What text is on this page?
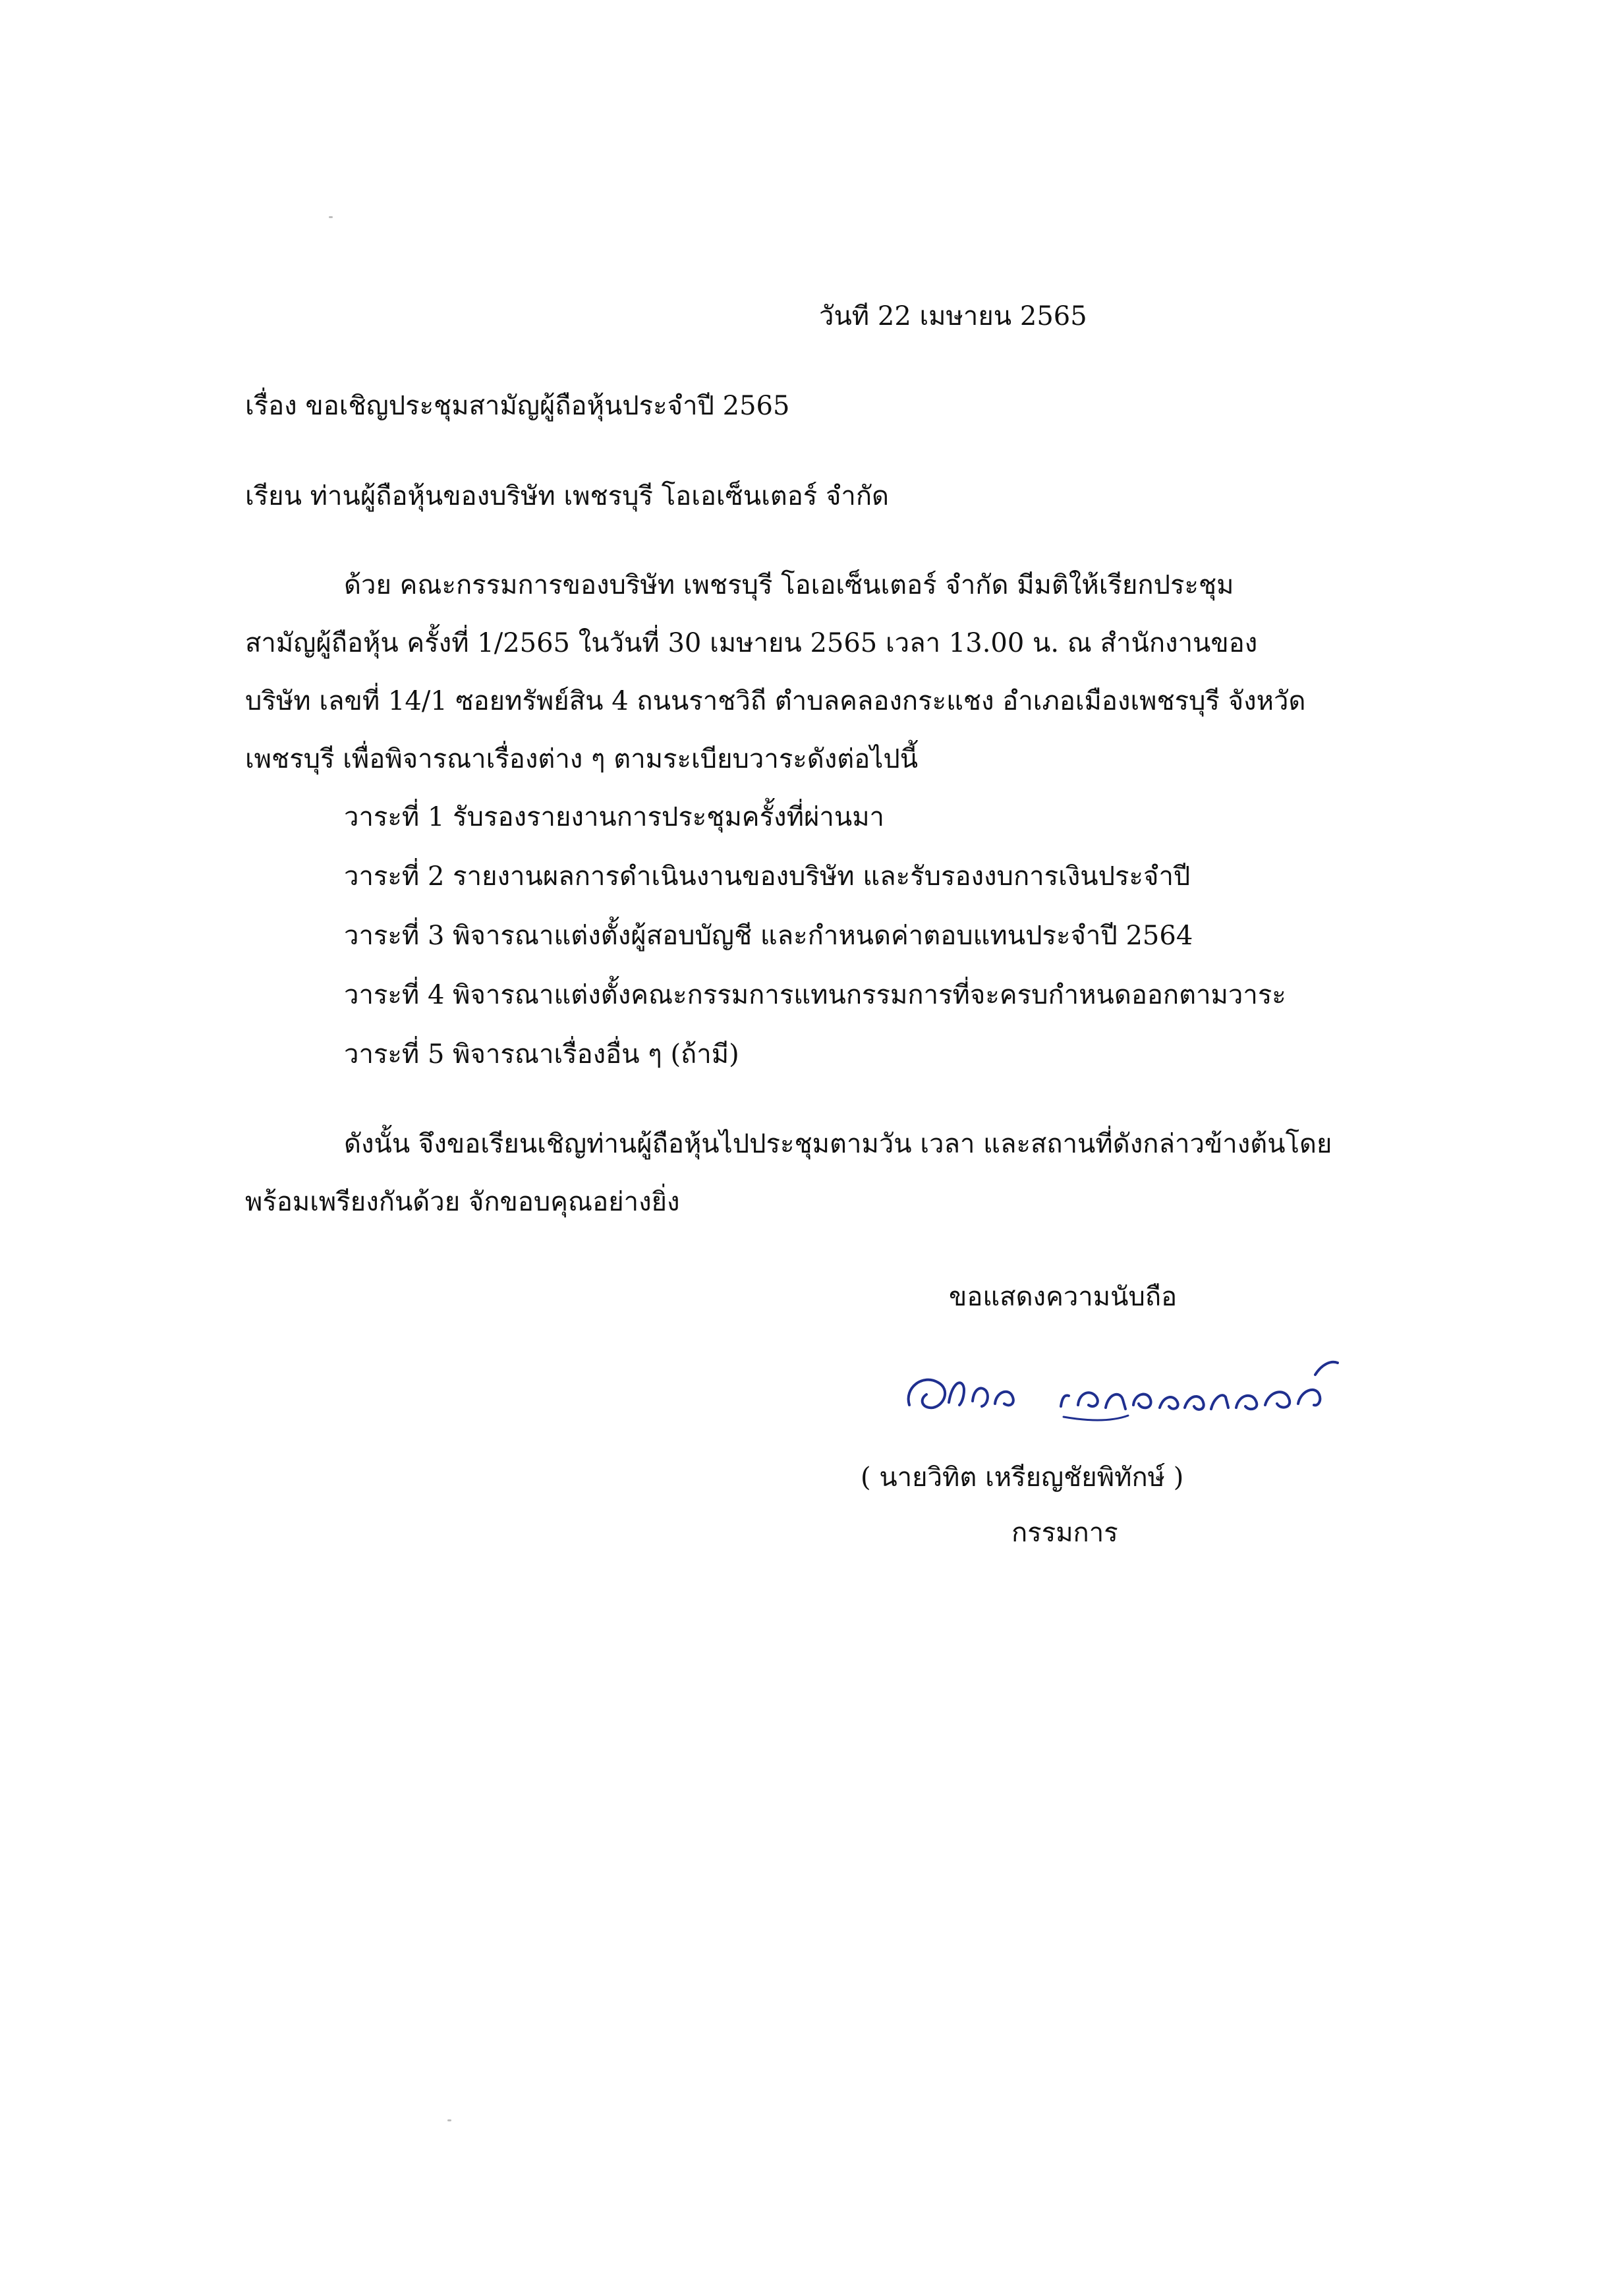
วันที 22 เมษายน 2565
เรื่อง ขอเชิญประชุมสามัญผู้ถือหุ้นประจำปี 2565
เรียน ท่านผู้ถือหุ้นของบริษัท เพชรบุรี โอเอเซ็นเตอร์ จำกัด
ด้วย คณะกรรมการของบริษัท เพชรบุรี โอเอเซ็นเตอร์ จำกัด มีมติให้เรียกประชุม
สามัญผู้ถือหุ้น ครั้งที่ 1/2565 ในวันที่ 30 เมษายน 2565 เวลา 13.00 น. ณ สำนักงานของ
บริษัท เลขที่ 14/1 ซอยทรัพย์สิน 4 ถนนราชวิถี ตำบลคลองกระแชง อำเภอเมืองเพชรบุรี จังหวัด
เพชรบุรี เพื่อพิจารณาเรื่องต่าง ๆ ตามระเบียบวาระดังต่อไปนี้
วาระที่ 1 รับรองรายงานการประชุมครั้งที่ผ่านมา
วาระที่ 2 รายงานผลการดำเนินงานของบริษัท และรับรองงบการเงินประจำปี
วาระที่ 3 พิจารณาแต่งตั้งผู้สอบบัญชี และกำหนดค่าตอบแทนประจำปี 2564
วาระที่ 4 พิจารณาแต่งตั้งคณะกรรมการแทนกรรมการที่จะครบกำหนดออกตามวาระ
วาระที่ 5 พิจารณาเรื่องอื่น ๆ (ถ้ามี)
ดังนั้น จึงขอเรียนเชิญท่านผู้ถือหุ้นไปประชุมตามวัน เวลา และสถานที่ดังกล่าวข้างต้นโดย
พร้อมเพรียงกันด้วย จักขอบคุณอย่างยิ่ง
ขอแสดงความนับถือ
( นายวิทิต เหรียญชัยพิทักษ์ )
กรรมการ
